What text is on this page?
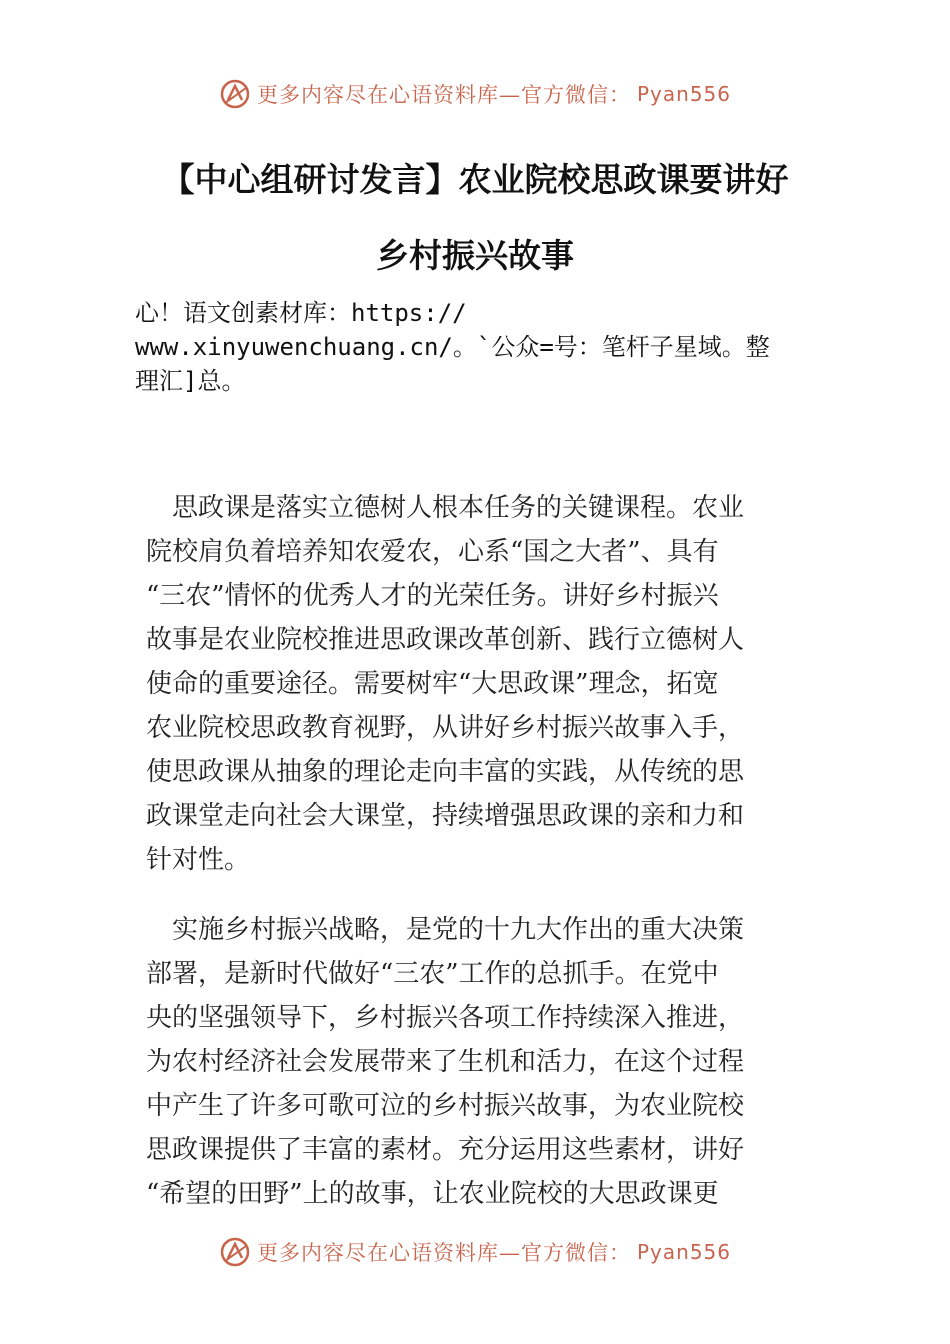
更多内容尽在心语资料库—官方微信： Pyan556
【中心组研讨发言】农业院校思政课要讲好
乡村振兴故事
心！语文创素材库：https://
www.xinyuwenchuang.cn/。`公众=号：笔杆子星域。整
理汇]总。
　思政课是落实立德树人根本任务的关键课程。农业
院校肩负着培养知农爱农，心系“国之大者”、具有
“三农”情怀的优秀人才的光荣任务。讲好乡村振兴
故事是农业院校推进思政课改革创新、践行立德树人
使命的重要途径。需要树牢“大思政课”理念，拓宽
农业院校思政教育视野，从讲好乡村振兴故事入手，
使思政课从抽象的理论走向丰富的实践，从传统的思
政课堂走向社会大课堂，持续增强思政课的亲和力和
针对性。
　实施乡村振兴战略，是党的十九大作出的重大决策
部署，是新时代做好“三农”工作的总抓手。在党中
央的坚强领导下，乡村振兴各项工作持续深入推进，
为农村经济社会发展带来了生机和活力，在这个过程
中产生了许多可歌可泣的乡村振兴故事，为农业院校
思政课提供了丰富的素材。充分运用这些素材，讲好
“希望的田野”上的故事，让农业院校的大思政课更
更多内容尽在心语资料库—官方微信： Pyan556
